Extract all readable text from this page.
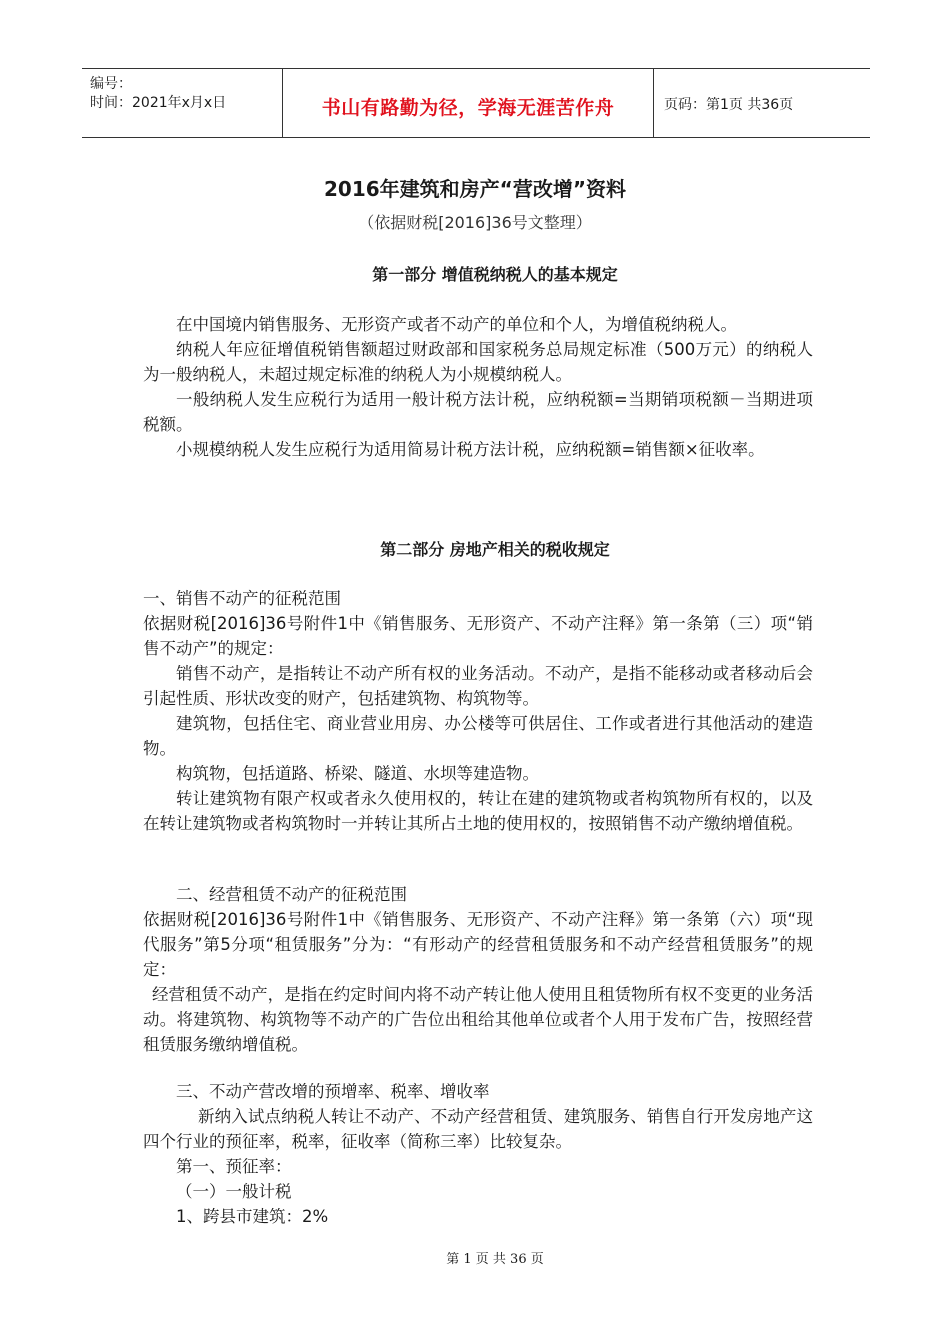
编号：
时间：2021年x月x日	书山有路勤为径，学海无涯苦作舟	页码：第1页 共36页
2016年建筑和房产“营改增”资料
（依据财税[2016]36号文整理）
第一部分 增值税纳税人的基本规定

在中国境内销售服务、无形资产或者不动产的单位和个人，为增值税纳税人。

纳税人年应征增值税销售额超过财政部和国家税务总局规定标准（500万元）的纳税人为一般纳税人，未超过规定标准的纳税人为小规模纳税人。

一般纳税人发生应税行为适用一般计税方法计税，应纳税额=当期销项税额－当期进项税额。

小规模纳税人发生应税行为适用简易计税方法计税，应纳税额=销售额×征收率。

第二部分 房地产相关的税收规定

一、销售不动产的征税范围

依据财税[2016]36号附件1中《销售服务、无形资产、不动产注释》第一条第（三）项“销售不动产”的规定：

销售不动产，是指转让不动产所有权的业务活动。不动产，是指不能移动或者移动后会引起性质、形状改变的财产，包括建筑物、构筑物等。

建筑物，包括住宅、商业营业用房、办公楼等可供居住、工作或者进行其他活动的建造物。

构筑物，包括道路、桥梁、隧道、水坝等建造物。

转让建筑物有限产权或者永久使用权的，转让在建的建筑物或者构筑物所有权的，以及在转让建筑物或者构筑物时一并转让其所占土地的使用权的，按照销售不动产缴纳增值税。

二、经营租赁不动产的征税范围

依据财税[2016]36号附件1中《销售服务、无形资产、不动产注释》第一条第（六）项“现代服务”第5分项“租赁服务”分为：“有形动产的经营租赁服务和不动产经营租赁服务”的规定：

经营租赁不动产，是指在约定时间内将不动产转让他人使用且租赁物所有权不变更的业务活动。将建筑物、构筑物等不动产的广告位出租给其他单位或者个人用于发布广告，按照经营租赁服务缴纳增值税。

三、不动产营改增的预增率、税率、增收率

新纳入试点纳税人转让不动产、不动产经营租赁、建筑服务、销售自行开发房地产这四个行业的预征率，税率，征收率（简称三率）比较复杂。

第一、预征率：

（一）一般计税

1、跨县市建筑：2%

第 1 页 共 36 页
